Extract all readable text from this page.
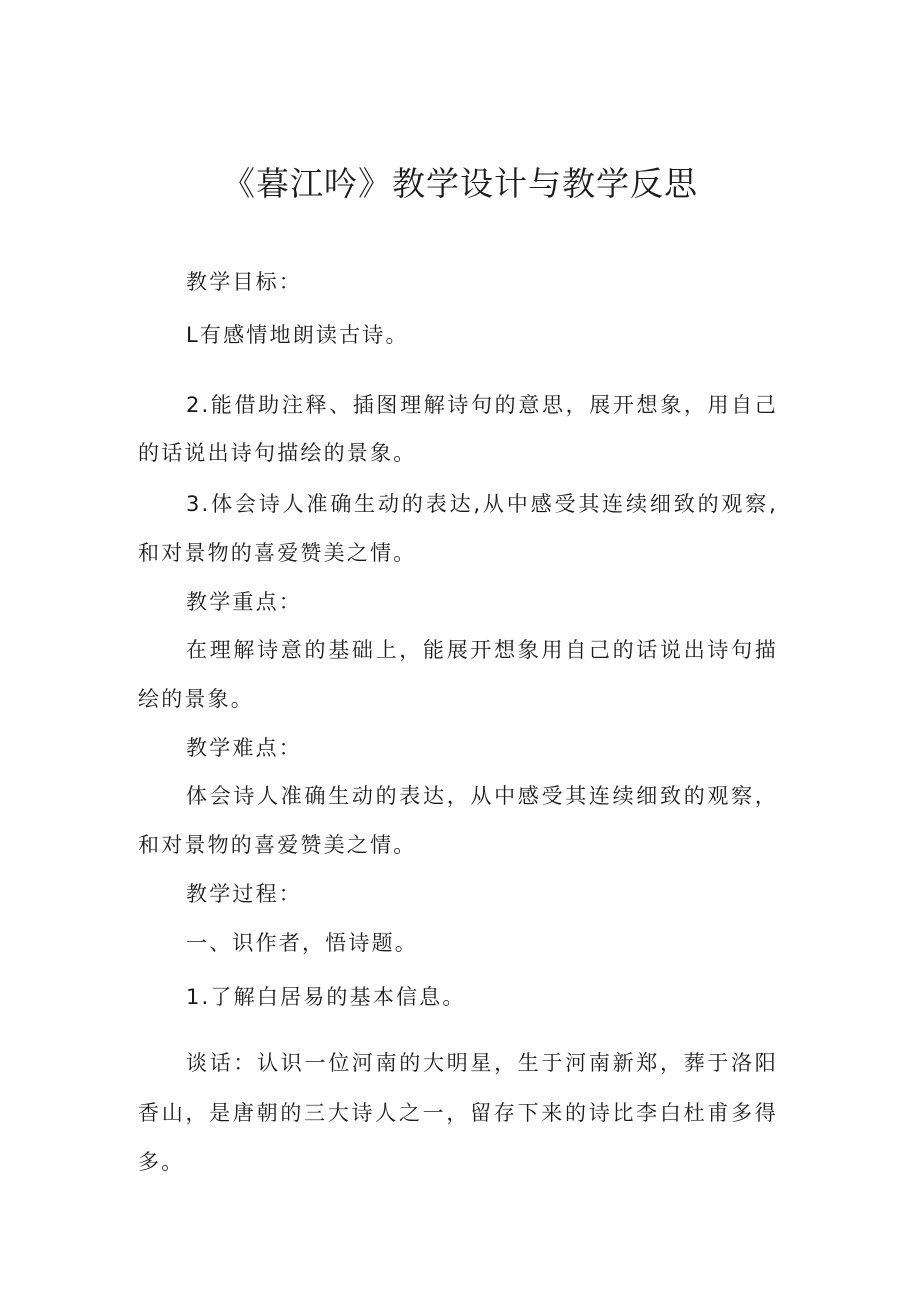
《暮江吟》教学设计与教学反思

教学目标：

L有感情地朗读古诗。

2.能借助注释、插图理解诗句的意思，展开想象，用自己

的话说出诗句描绘的景象。

3.体会诗人准确生动的表达,从中感受其连续细致的观察,

和对景物的喜爱赞美之情。

教学重点：

在理解诗意的基础上，能展开想象用自己的话说出诗句描

绘的景象。

教学难点：

体会诗人准确生动的表达，从中感受其连续细致的观察，

和对景物的喜爱赞美之情。

教学过程：

一、识作者，悟诗题。

1.了解白居易的基本信息。

谈话：认识一位河南的大明星，生于河南新郑，葬于洛阳

香山，是唐朝的三大诗人之一，留存下来的诗比李白杜甫多得

多。
